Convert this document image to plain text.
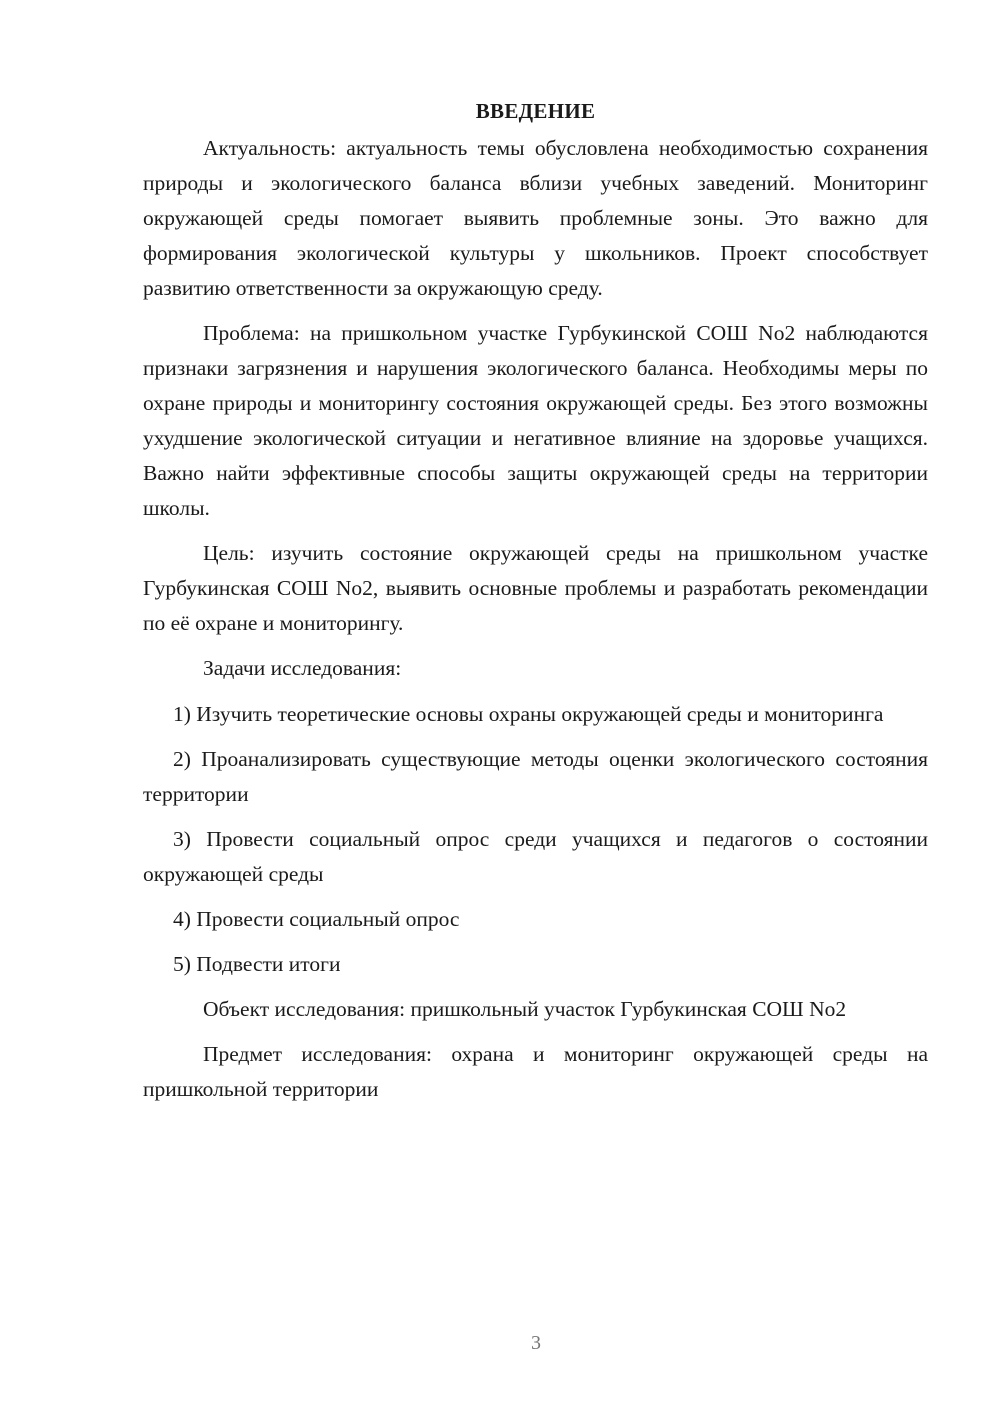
ВВЕДЕНИЕ

Актуальность: актуальность темы обусловлена необходимостью сохранения природы и экологического баланса вблизи учебных заведений. Мониторинг окружающей среды помогает выявить проблемные зоны. Это важно для формирования экологической культуры у школьников. Проект способствует развитию ответственности за окружающую среду.

Проблема: на пришкольном участке Гурбукинской СОШ No2 наблюдаются признаки загрязнения и нарушения экологического баланса. Необходимы меры по охране природы и мониторингу состояния окружающей среды. Без этого возможны ухудшение экологической ситуации и негативное влияние на здоровье учащихся. Важно найти эффективные способы защиты окружающей среды на территории школы.

Цель: изучить состояние окружающей среды на пришкольном участке Гурбукинская СОШ No2, выявить основные проблемы и разработать рекомендации по её охране и мониторингу.

Задачи исследования:

1) Изучить теоретические основы охраны окружающей среды и мониторинга

2) Проанализировать существующие методы оценки экологического состояния территории

3) Провести социальный опрос среди учащихся и педагогов о состоянии окружающей среды

4) Провести социальный опрос

5) Подвести итоги

Объект исследования: пришкольный участок Гурбукинская СОШ No2

Предмет исследования: охрана и мониторинг окружающей среды на пришкольной территории

3
